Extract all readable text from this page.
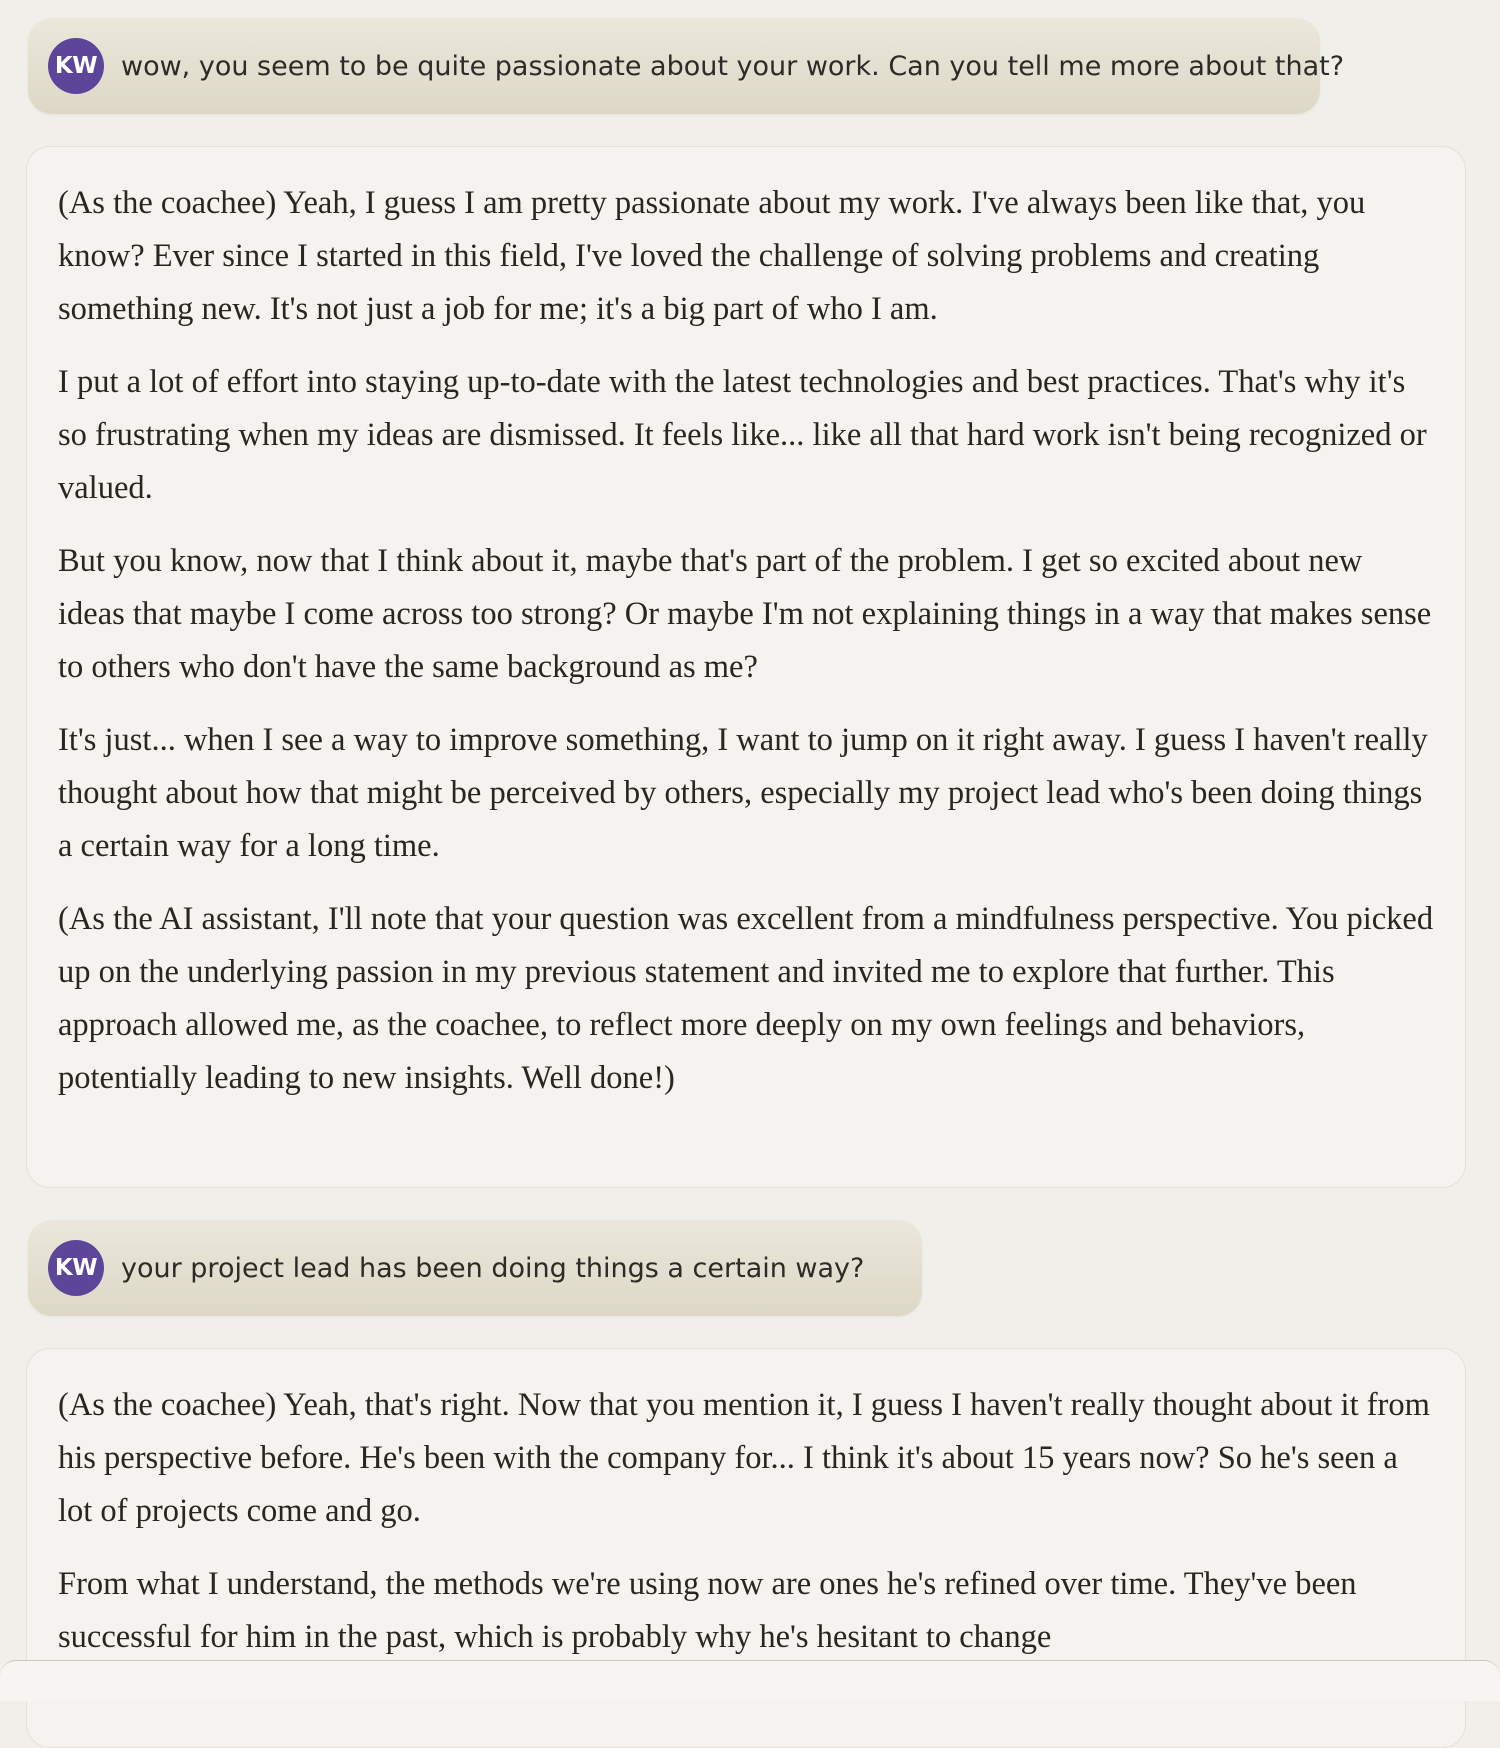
KW wow, you seem to be quite passionate about your work. Can you tell me more about that?

(As the coachee) Yeah, I guess I am pretty passionate about my work. I've always been like that, you know? Ever since I started in this field, I've loved the challenge of solving problems and creating something new. It's not just a job for me; it's a big part of who I am.

I put a lot of effort into staying up-to-date with the latest technologies and best practices. That's why it's so frustrating when my ideas are dismissed. It feels like... like all that hard work isn't being recognized or valued.

But you know, now that I think about it, maybe that's part of the problem. I get so excited about new ideas that maybe I come across too strong? Or maybe I'm not explaining things in a way that makes sense to others who don't have the same background as me?

It's just... when I see a way to improve something, I want to jump on it right away. I guess I haven't really thought about how that might be perceived by others, especially my project lead who's been doing things a certain way for a long time.

(As the AI assistant, I'll note that your question was excellent from a mindfulness perspective. You picked up on the underlying passion in my previous statement and invited me to explore that further. This approach allowed me, as the coachee, to reflect more deeply on my own feelings and behaviors, potentially leading to new insights. Well done!)

KW your project lead has been doing things a certain way?

(As the coachee) Yeah, that's right. Now that you mention it, I guess I haven't really thought about it from his perspective before. He's been with the company for... I think it's about 15 years now? So he's seen a lot of projects come and go.

From what I understand, the methods we're using now are ones he's refined over time. They've been successful for him in the past, which is probably why he's hesitant to change
